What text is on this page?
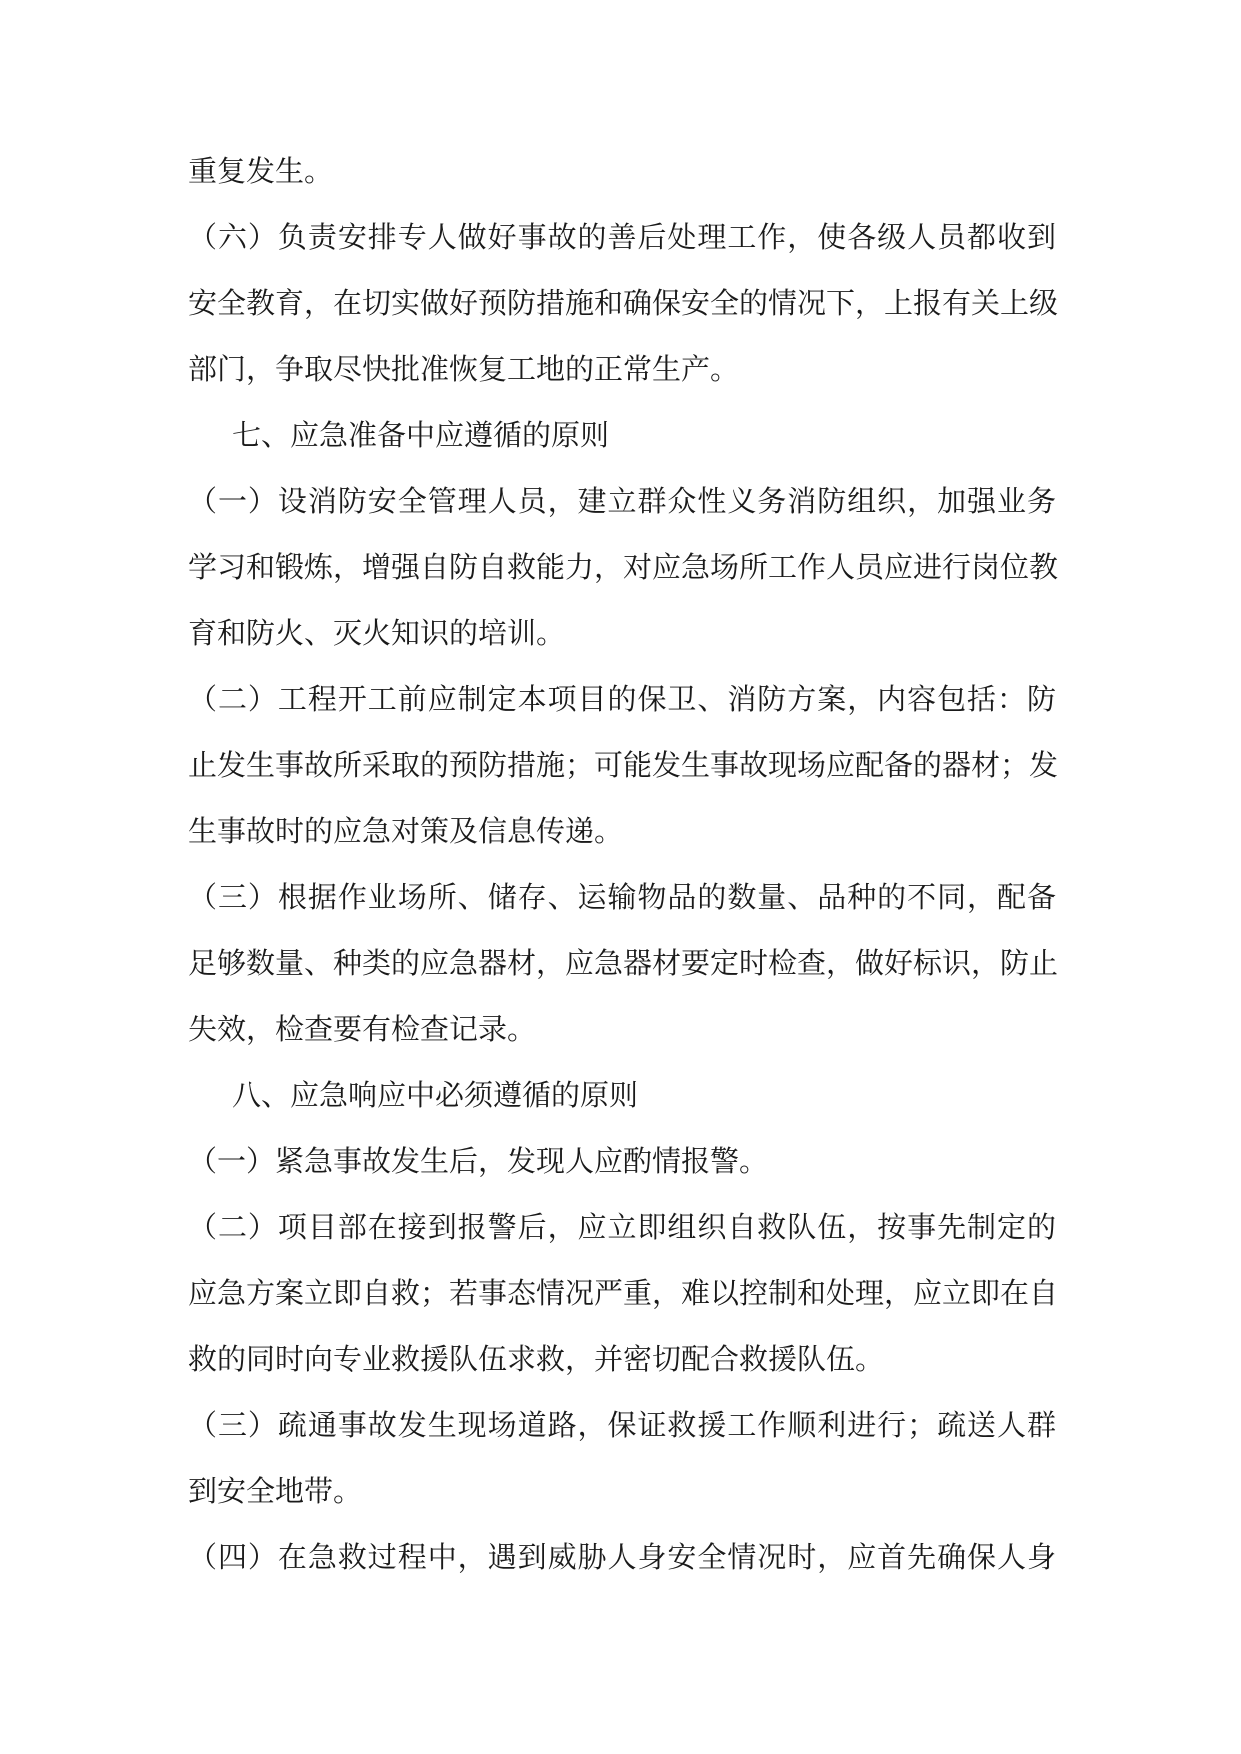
重复发生。
（六）负责安排专人做好事故的善后处理工作，使各级人员都收到
安全教育，在切实做好预防措施和确保安全的情况下，上报有关上级
部门，争取尽快批准恢复工地的正常生产。
七、应急准备中应遵循的原则
（一）设消防安全管理人员，建立群众性义务消防组织，加强业务
学习和锻炼，增强自防自救能力，对应急场所工作人员应进行岗位教
育和防火、灭火知识的培训。
（二）工程开工前应制定本项目的保卫、消防方案，内容包括：防
止发生事故所采取的预防措施；可能发生事故现场应配备的器材；发
生事故时的应急对策及信息传递。
（三）根据作业场所、储存、运输物品的数量、品种的不同，配备
足够数量、种类的应急器材，应急器材要定时检查，做好标识，防止
失效，检查要有检查记录。
八、应急响应中必须遵循的原则
（一）紧急事故发生后，发现人应酌情报警。
（二）项目部在接到报警后，应立即组织自救队伍，按事先制定的
应急方案立即自救；若事态情况严重，难以控制和处理，应立即在自
救的同时向专业救援队伍求救，并密切配合救援队伍。
（三）疏通事故发生现场道路，保证救援工作顺利进行；疏送人群
到安全地带。
（四）在急救过程中，遇到威胁人身安全情况时，应首先确保人身
